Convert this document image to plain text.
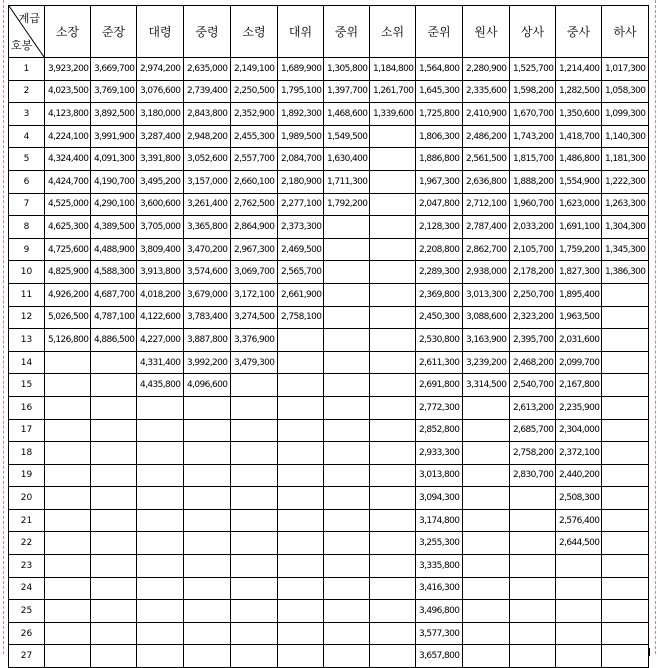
계급
호봉	소장	준장	대령	중령	소령	대위	중위	소위	준위	원사	상사	중사	하사
1	3,923,200	3,669,700	2,974,200	2,635,000	2,149,100	1,689,900	1,305,800	1,184,800	1,564,800	2,280,900	1,525,700	1,214,400	1,017,300
2	4,023,500	3,769,100	3,076,600	2,739,400	2,250,500	1,795,100	1,397,700	1,261,700	1,645,300	2,335,600	1,598,200	1,282,500	1,058,300
3	4,123,800	3,892,500	3,180,000	2,843,800	2,352,900	1,892,300	1,468,600	1,339,600	1,725,800	2,410,900	1,670,700	1,350,600	1,099,300
4	4,224,100	3,991,900	3,287,400	2,948,200	2,455,300	1,989,500	1,549,500		1,806,300	2,486,200	1,743,200	1,418,700	1,140,300
5	4,324,400	4,091,300	3,391,800	3,052,600	2,557,700	2,084,700	1,630,400		1,886,800	2,561,500	1,815,700	1,486,800	1,181,300
6	4,424,700	4,190,700	3,495,200	3,157,000	2,660,100	2,180,900	1,711,300		1,967,300	2,636,800	1,888,200	1,554,900	1,222,300
7	4,525,000	4,290,100	3,600,600	3,261,400	2,762,500	2,277,100	1,792,200		2,047,800	2,712,100	1,960,700	1,623,000	1,263,300
8	4,625,300	4,389,500	3,705,000	3,365,800	2,864,900	2,373,300			2,128,300	2,787,400	2,033,200	1,691,100	1,304,300
9	4,725,600	4,488,900	3,809,400	3,470,200	2,967,300	2,469,500			2,208,800	2,862,700	2,105,700	1,759,200	1,345,300
10	4,825,900	4,588,300	3,913,800	3,574,600	3,069,700	2,565,700			2,289,300	2,938,000	2,178,200	1,827,300	1,386,300
11	4,926,200	4,687,700	4,018,200	3,679,000	3,172,100	2,661,900			2,369,800	3,013,300	2,250,700	1,895,400	
12	5,026,500	4,787,100	4,122,600	3,783,400	3,274,500	2,758,100			2,450,300	3,088,600	2,323,200	1,963,500	
13	5,126,800	4,886,500	4,227,000	3,887,800	3,376,900				2,530,800	3,163,900	2,395,700	2,031,600	
14			4,331,400	3,992,200	3,479,300				2,611,300	3,239,200	2,468,200	2,099,700	
15			4,435,800	4,096,600					2,691,800	3,314,500	2,540,700	2,167,800	
16									2,772,300		2,613,200	2,235,900	
17									2,852,800		2,685,700	2,304,000	
18									2,933,300		2,758,200	2,372,100	
19									3,013,800		2,830,700	2,440,200	
20									3,094,300			2,508,300	
21									3,174,800			2,576,400	
22									3,255,300			2,644,500	
23									3,335,800				
24									3,416,300				
25									3,496,800				
26									3,577,300				
27									3,657,800				
